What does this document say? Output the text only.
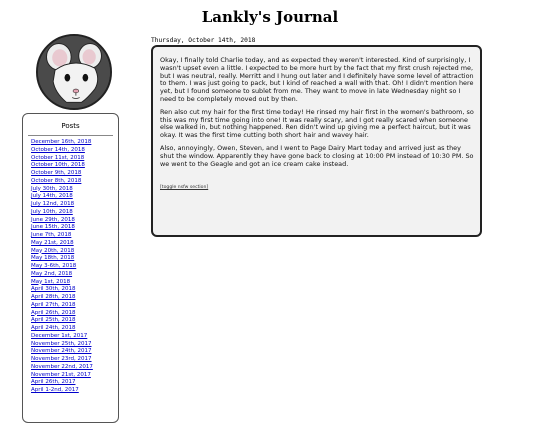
Lankly's Journal
Posts
December 16th, 2018
October 14th, 2018
October 11st, 2018
October 10th, 2018
October 9th, 2018
October 8th, 2018
July 30th, 2018
July 14th, 2018
July 12nd, 2018
July 10th, 2018
June 29th, 2018
June 15th, 2018
June 7th, 2018
May 21st, 2018
May 20th, 2018
May 18th, 2018
May 3-6th, 2018
May 2nd, 2018
May 1st, 2018
April 30th, 2018
April 28th, 2018
April 27th, 2018
April 26th, 2018
April 25th, 2018
April 24th, 2018
December 1st, 2017
November 25th, 2017
November 24th, 2017
November 23rd, 2017
November 22nd, 2017
November 21st, 2017
April 26th, 2017
April 1-2nd, 2017
Thursday, October 14th, 2018

Okay, I finally told Charlie today, and as expected they weren't interested. Kind of surprisingly, I wasn't upset even a little. I expected to be more hurt by the fact that my first crush rejected me, but I was neutral, really. Merritt and I hung out later and I definitely have some level of attraction to them. I was just going to pack, but I kind of reached a wall with that. Oh! I didn't mention here yet, but I found someone to sublet from me. They want to move in late Wednesday night so I need to be completely moved out by then.

Ren also cut my hair for the first time today! He rinsed my hair first in the women's bathroom, so this was my first time going into one! It was really scary, and I got really scared when someone else walked in, but nothing happened. Ren didn't wind up giving me a perfect haircut, but it was okay. It was the first time cutting both short hair and wavey hair.

Also, annoyingly, Owen, Steven, and I went to Page Dairy Mart today and arrived just as they shut the window. Apparently they have gone back to closing at 10:00 PM instead of 10:30 PM. So we went to the Geagle and got an ice cream cake instead.

[toggle nsfw section]
